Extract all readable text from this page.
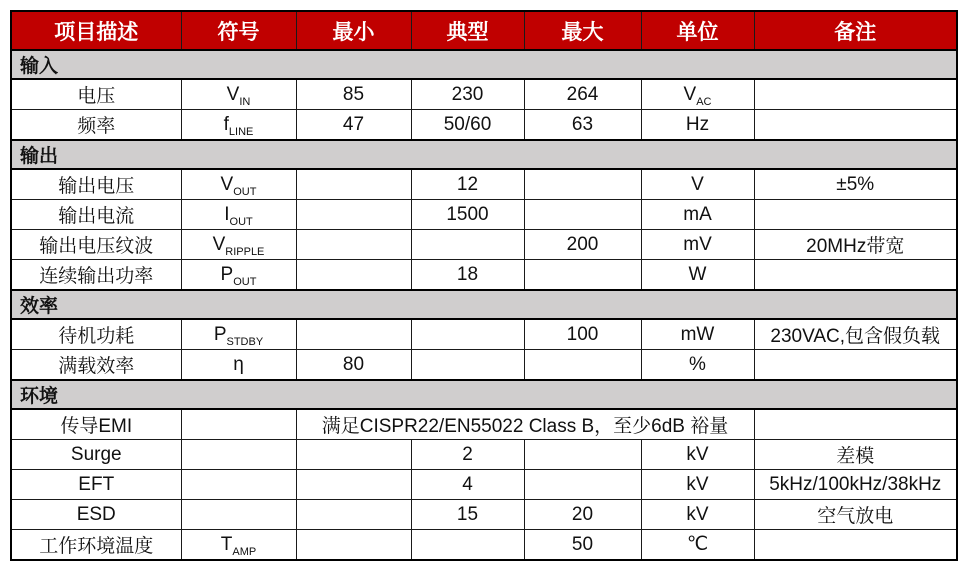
项目描述	符号	最小	典型	最大	单位	备注
输入						
电压	$V_{IN}$	85	230	264	$V_{AC}$	
频率	$f_{LINE}$	47	50/60	63	Hz	
输出						
输出电压	$V_{OUT}$		12		V	±5%
输出电流	$I_{OUT}$		1500		mA	
输出电压纹波	$V_{RIPPLE}$			200	mV	20MHz带宽
连续输出功率	$P_{OUT}$		18		W	
效率						
待机功耗	$P_{STDBY}$			100	mW	230VAC,包含假负载
满载效率	η	80			%	
环境						
传导EMI		满足CISPR22/EN55022 Class B，至少6dB 裕量				
Surge			2		kV	差模
EFT			4		kV	5kHz/100kHz/38kHz
ESD			15	20	kV	空气放电
工作环境温度	$T_{AMP}$			50	℃	
